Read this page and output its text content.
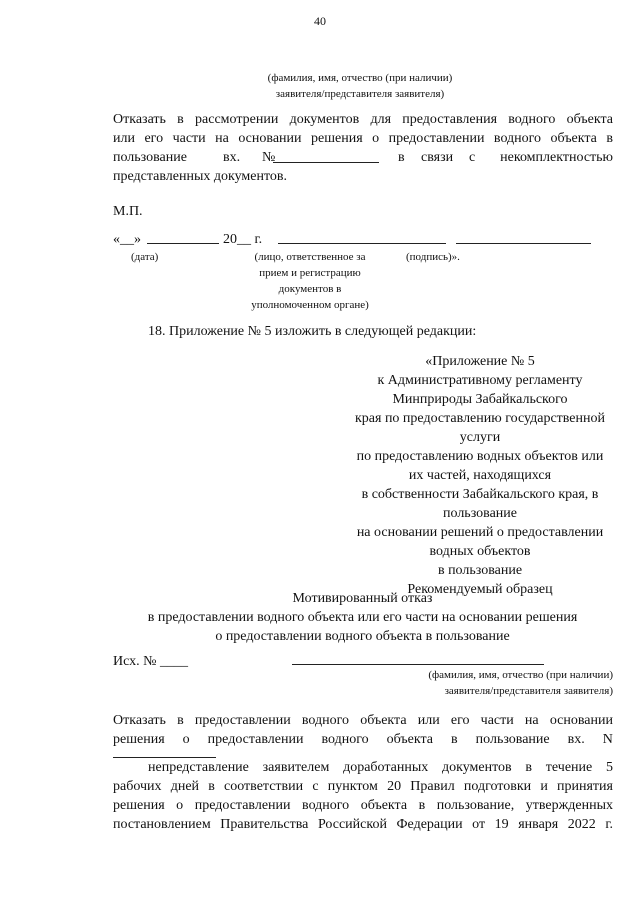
40
(фамилия, имя, отчество (при наличии)
заявителя/представителя заявителя)
Отказать в рассмотрении документов для предоставления водного объекта
или его части на основании решения о предоставлении водного объекта в
пользование	вх. №	в связи с некомплектностью
представленных документов.
М.П.
«__»	20__ г.
(дата)	(лицо, ответственное за
прием и регистрацию
документов в
уполномоченном органе)
(подпись)».
18. Приложение № 5 изложить в следующей редакции:
«Приложение № 5
к Административному регламенту
Минприроды Забайкальского
края по предоставлению государственной
услуги
по предоставлению водных объектов или
их частей, находящихся
в собственности Забайкальского края, в
пользование
на основании решений о предоставлении
водных объектов
в пользование
Рекомендуемый образец
Мотивированный отказ
в предоставлении водного объекта или его части на основании решения
о предоставлении водного объекта в пользование
Исх. № ____
(фамилия, имя, отчество (при наличии)
заявителя/представителя заявителя)
Отказать в предоставлении водного объекта или его части на основании
решения о предоставлении водного объекта в пользование вх. N
непредставление заявителем доработанных документов в течение 5
рабочих дней в соответствии с пунктом 20 Правил подготовки и принятия
решения о предоставлении водного объекта в пользование, утвержденных
постановлением Правительства Российской Федерации от 19 января 2022 г.
